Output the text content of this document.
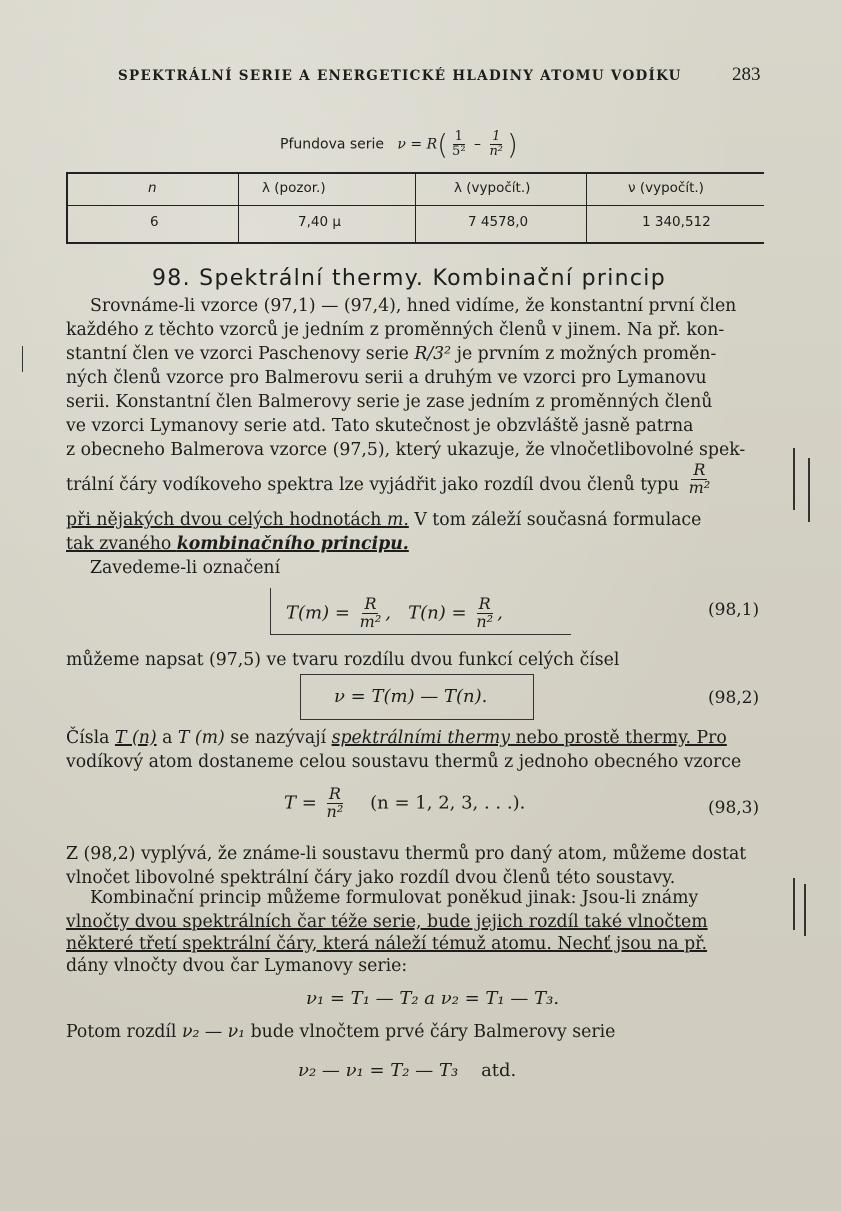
SPEKTRÁLNÍ SERIE A ENERGETICKÉ HLADINY ATOMU VODÍKU	283
Pfundova serie $\nu = R( \frac{1}{\text{5²}} - \frac{1}{\text{n²}}$ )
n	λ (pozor.)	λ (vypočít.)	ν (vypočít.)
6	7,40 μ	7 4578,0	1 340,512
98. Spektrální thermy. Kombinační princip
Srovnáme-li vzorce (97,1) — (97,4), hned vidíme, že konstantní první člen
každého z těchto vzorců je jedním z proměnných členů v jinem. Na př. kon-
stantní člen ve vzorci Paschenovy serie R/3² je prvním z možných proměn-
ných členů vzorce pro Balmerovu serii a druhým ve vzorci pro Lymanovu
serii. Konstantní člen Balmerovy serie je zase jedním z proměnných členů
ve vzorci Lymanovy serie atd. Tato skutečnost je obzvláště jasně patrna
z obecneho Balmerova vzorce (97,5), který ukazuje, že vlnočetlibovolné spek-
trální čáry vodíkoveho spektra lze vyjádřit jako rozdíl dvou členů typu $\frac{R}{\text{m²}}$
při nějakých dvou celých hodnotách m. V tom záleží současná formulace
tak zvaného kombinačního principu.
Zavedeme-li označení
$T(m) = \frac{R}{\text{m²}}$ ,   $T(n) = \frac{R}{\text{n²}}$ ,	(98,1)
můžeme napsat (97,5) ve tvaru rozdílu dvou funkcí celých čísel
ν = T(m) — T(n).	(98,2)
Čísla T (n) a T (m) se nazývají spektrálními thermy nebo prostě thermy. Pro
vodíkový atom dostaneme celou soustavu thermů z jednoho obecného vzorce
$T = \frac{R}{\text{n²}} (n = 1$, 2, 3, . . .).	(98,3)
Z (98,2) vyplývá, že známe-li soustavu thermů pro daný atom, můžeme dostat
vlnočet libovolné spektrální čáry jako rozdíl dvou členů této soustavy.
Kombinační princip můžeme formulovat poněkud jinak: Jsou-li známy
vlnočty dvou spektrálních čar téže serie, bude jejich rozdíl také vlnočtem
některé třetí spektrální čáry, která náleží témuž atomu. Nechť jsou na př.
dány vlnočty dvou čar Lymanovy serie:
ν₁ = T₁ — T₂ a ν₂ = T₁ — T₃.
Potom rozdíl ν₂ — ν₁ bude vlnočtem prvé čáry Balmerovy serie
ν₂ — ν₁ = T₂ — T₃ atd.
